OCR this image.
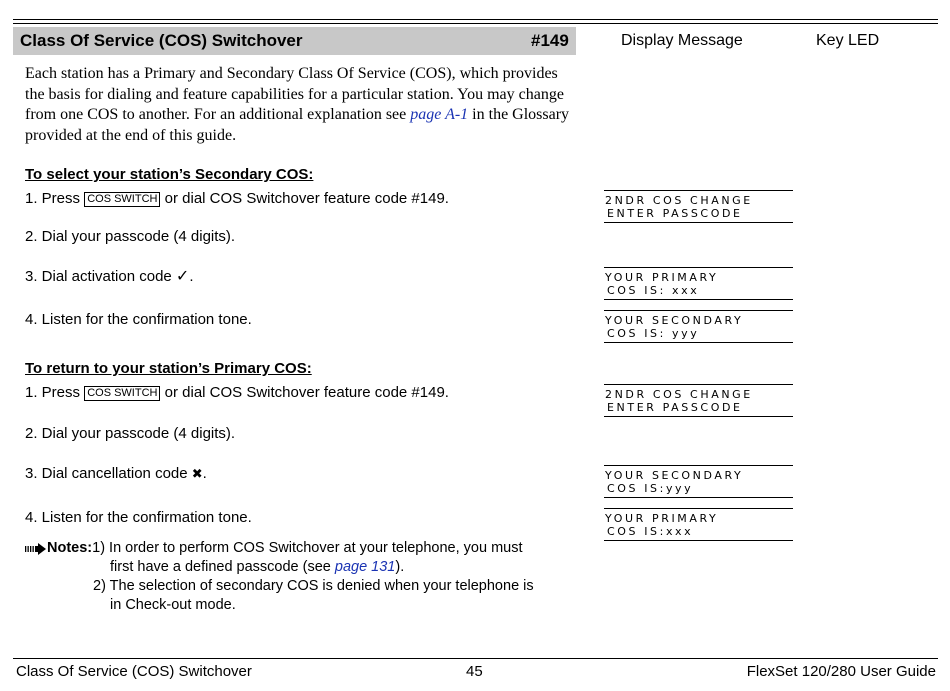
Class Of Service (COS) Switchover	#149	Display Message	Key LED
Each station has a Primary and Secondary Class Of Service (COS), which provides the basis for dialing and feature capabilities for a particular station. You may change from one COS to another. For an additional explanation see page A-1 in the Glossary provided at the end of this guide.
To select your station’s Secondary COS:
1. Press COS SWITCH or dial COS Switchover feature code #149.
2. Dial your passcode (4 digits).
3. Dial activation code ✓.
4. Listen for the confirmation tone.
2NDR COS CHANGE
ENTER PASSCODE
YOUR PRIMARY
COS IS: xxx
YOUR SECONDARY
COS IS: yyy
To return to your station’s Primary COS:
1. Press COS SWITCH or dial COS Switchover feature code #149.
2. Dial your passcode (4 digits).
3. Dial cancellation code ✖.
4. Listen for the confirmation tone.
2NDR COS CHANGE
ENTER PASSCODE
YOUR SECONDARY
COS IS:yyy
YOUR PRIMARY
COS IS:xxx
Notes:1) In order to perform COS Switchover at your telephone, you must
first have a defined passcode (see page 131).
2) The selection of secondary COS is denied when your telephone is
in Check-out mode.
Class Of Service (COS) Switchover	45	FlexSet 120/280 User Guide
